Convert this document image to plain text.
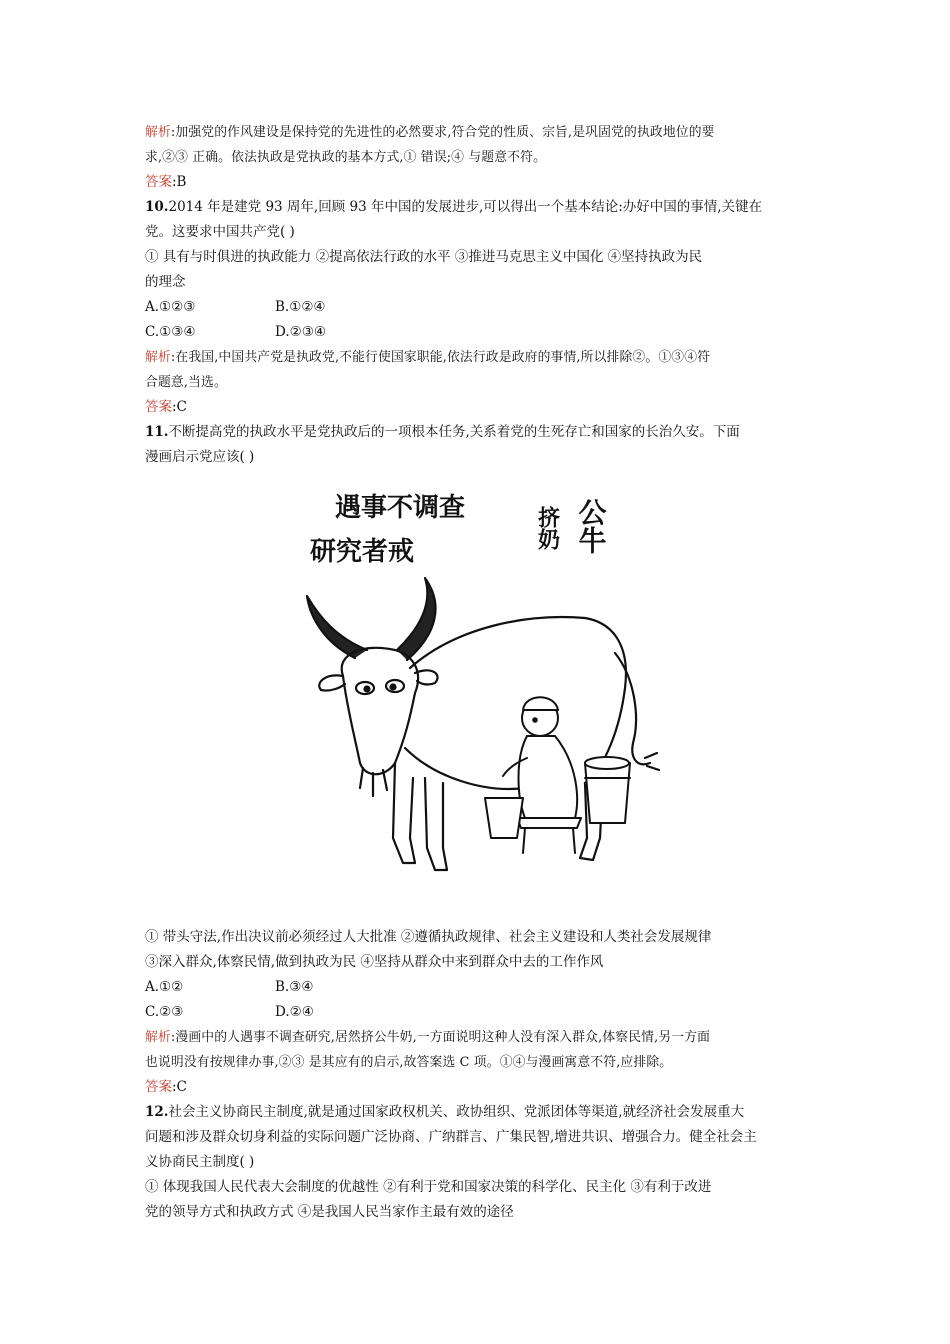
解析:加强党的作风建设是保持党的先进性的必然要求,符合党的性质、宗旨,是巩固党的执政地位的要
求,②③ 正确。依法执政是党执政的基本方式,① 错误;④ 与题意不符。
答案:B
10.2014 年是建党 93 周年,回顾 93 年中国的发展进步,可以得出一个基本结论:办好中国的事情,关键在
党。这要求中国共产党( )
① 具有与时俱进的执政能力 ②提高依法行政的水平 ③推进马克思主义中国化 ④坚持执政为民
的理念
A.①②③	B.①②④
C.①③④	D.②③④
解析:在我国,中国共产党是执政党,不能行使国家职能,依法行政是政府的事情,所以排除②。①③④符
合题意,当选。
答案:C
11.不断提高党的执政水平是党执政后的一项根本任务,关系着党的生死存亡和国家的长治久安。下面
漫画启示党应该( )
遇事不调查
研究者戒
挤奶 公牛
① 带头守法,作出决议前必须经过人大批准 ②遵循执政规律、社会主义建设和人类社会发展规律
③深入群众,体察民情,做到执政为民 ④坚持从群众中来到群众中去的工作作风
A.①②	B.③④
C.②③	D.②④
解析:漫画中的人遇事不调查研究,居然挤公牛奶,一方面说明这种人没有深入群众,体察民情,另一方面
也说明没有按规律办事,②③ 是其应有的启示,故答案选 C 项。①④与漫画寓意不符,应排除。
答案:C
12.社会主义协商民主制度,就是通过国家政权机关、政协组织、党派团体等渠道,就经济社会发展重大
问题和涉及群众切身利益的实际问题广泛协商、广纳群言、广集民智,增进共识、增强合力。健全社会主
义协商民主制度( )
① 体现我国人民代表大会制度的优越性 ②有利于党和国家决策的科学化、民主化 ③有利于改进
党的领导方式和执政方式 ④是我国人民当家作主最有效的途径
